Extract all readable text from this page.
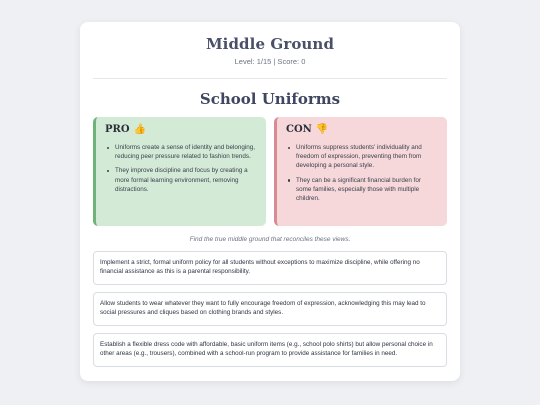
Middle Ground
Level: 1/15 | Score: 0
School Uniforms
PRO 👍
Uniforms create a sense of identity and belonging, reducing peer pressure related to fashion trends.
They improve discipline and focus by creating a more formal learning environment, removing distractions.
CON 👎
Uniforms suppress students' individuality and freedom of expression, preventing them from developing a personal style.
They can be a significant financial burden for some families, especially those with multiple children.
Find the true middle ground that reconciles these views.
Implement a strict, formal uniform policy for all students without exceptions to maximize discipline, while offering no financial assistance as this is a parental responsibility.
Allow students to wear whatever they want to fully encourage freedom of expression, acknowledging this may lead to social pressures and cliques based on clothing brands and styles.
Establish a flexible dress code with affordable, basic uniform items (e.g., school polo shirts) but allow personal choice in other areas (e.g., trousers), combined with a school-run program to provide assistance for families in need.
